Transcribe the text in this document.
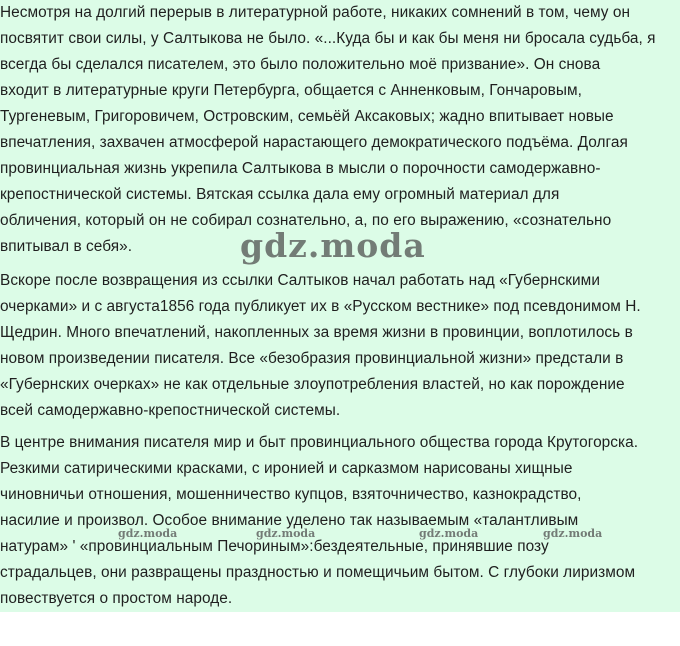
Несмотря на долгий перерыв в литературной работе, никаких сомнений в том, чему он
посвятит свои силы, у Салтыкова не было. «...Куда бы и как бы меня ни бросала судьба, я
всегда бы сделался писателем, это было положительно моё призвание». Он снова
входит в литературные круги Петербурга, общается с Анненковым, Гончаровым,
Тургеневым, Григоровичем, Островским, семьёй Аксаковых; жадно впитывает новые
впечатления, захвачен атмосферой нарастающего демократического подъёма. Долгая
провинциальная жизнь укрепила Салтыкова в мысли о порочности самодержавно-
крепостнической системы. Вятская ссылка дала ему огромный материал для
обличения, который он не собирал сознательно, а, по его выражению, «сознательно
впитывал в себя».
Вскоре после возвращения из ссылки Салтыков начал работать над «Губернскими
очерками» и с августа1856 года публикует их в «Русском вестнике» под псевдонимом Н.
Щедрин. Много впечатлений, накопленных за время жизни в провинции, воплотилось в
новом произведении писателя. Все «безобразия провинциальной жизни» предстали в
«Губернских очерках» не как отдельные злоупотребления властей, но как порождение
всей самодержавно-крепостнической системы.
В центре внимания писателя мир и быт провинциального общества города Крутогорска.
Резкими сатирическими красками, с иронией и сарказмом нарисованы хищные
чиновничьи отношения, мошенничество купцов, взяточничество, казнокрадство,
насилие и произвол. Особое внимание уделено так называемым «талантливым
натурам» ' «провинциальным Печориным»:бездеятельные, принявшие позу
страдальцев, они развращены праздностью и помещичьим бытом. С глубоки лиризмом
повествуется о простом народе.
gdz.moda
gdz.moda	gdz.moda	gdz.moda	gdz.moda
